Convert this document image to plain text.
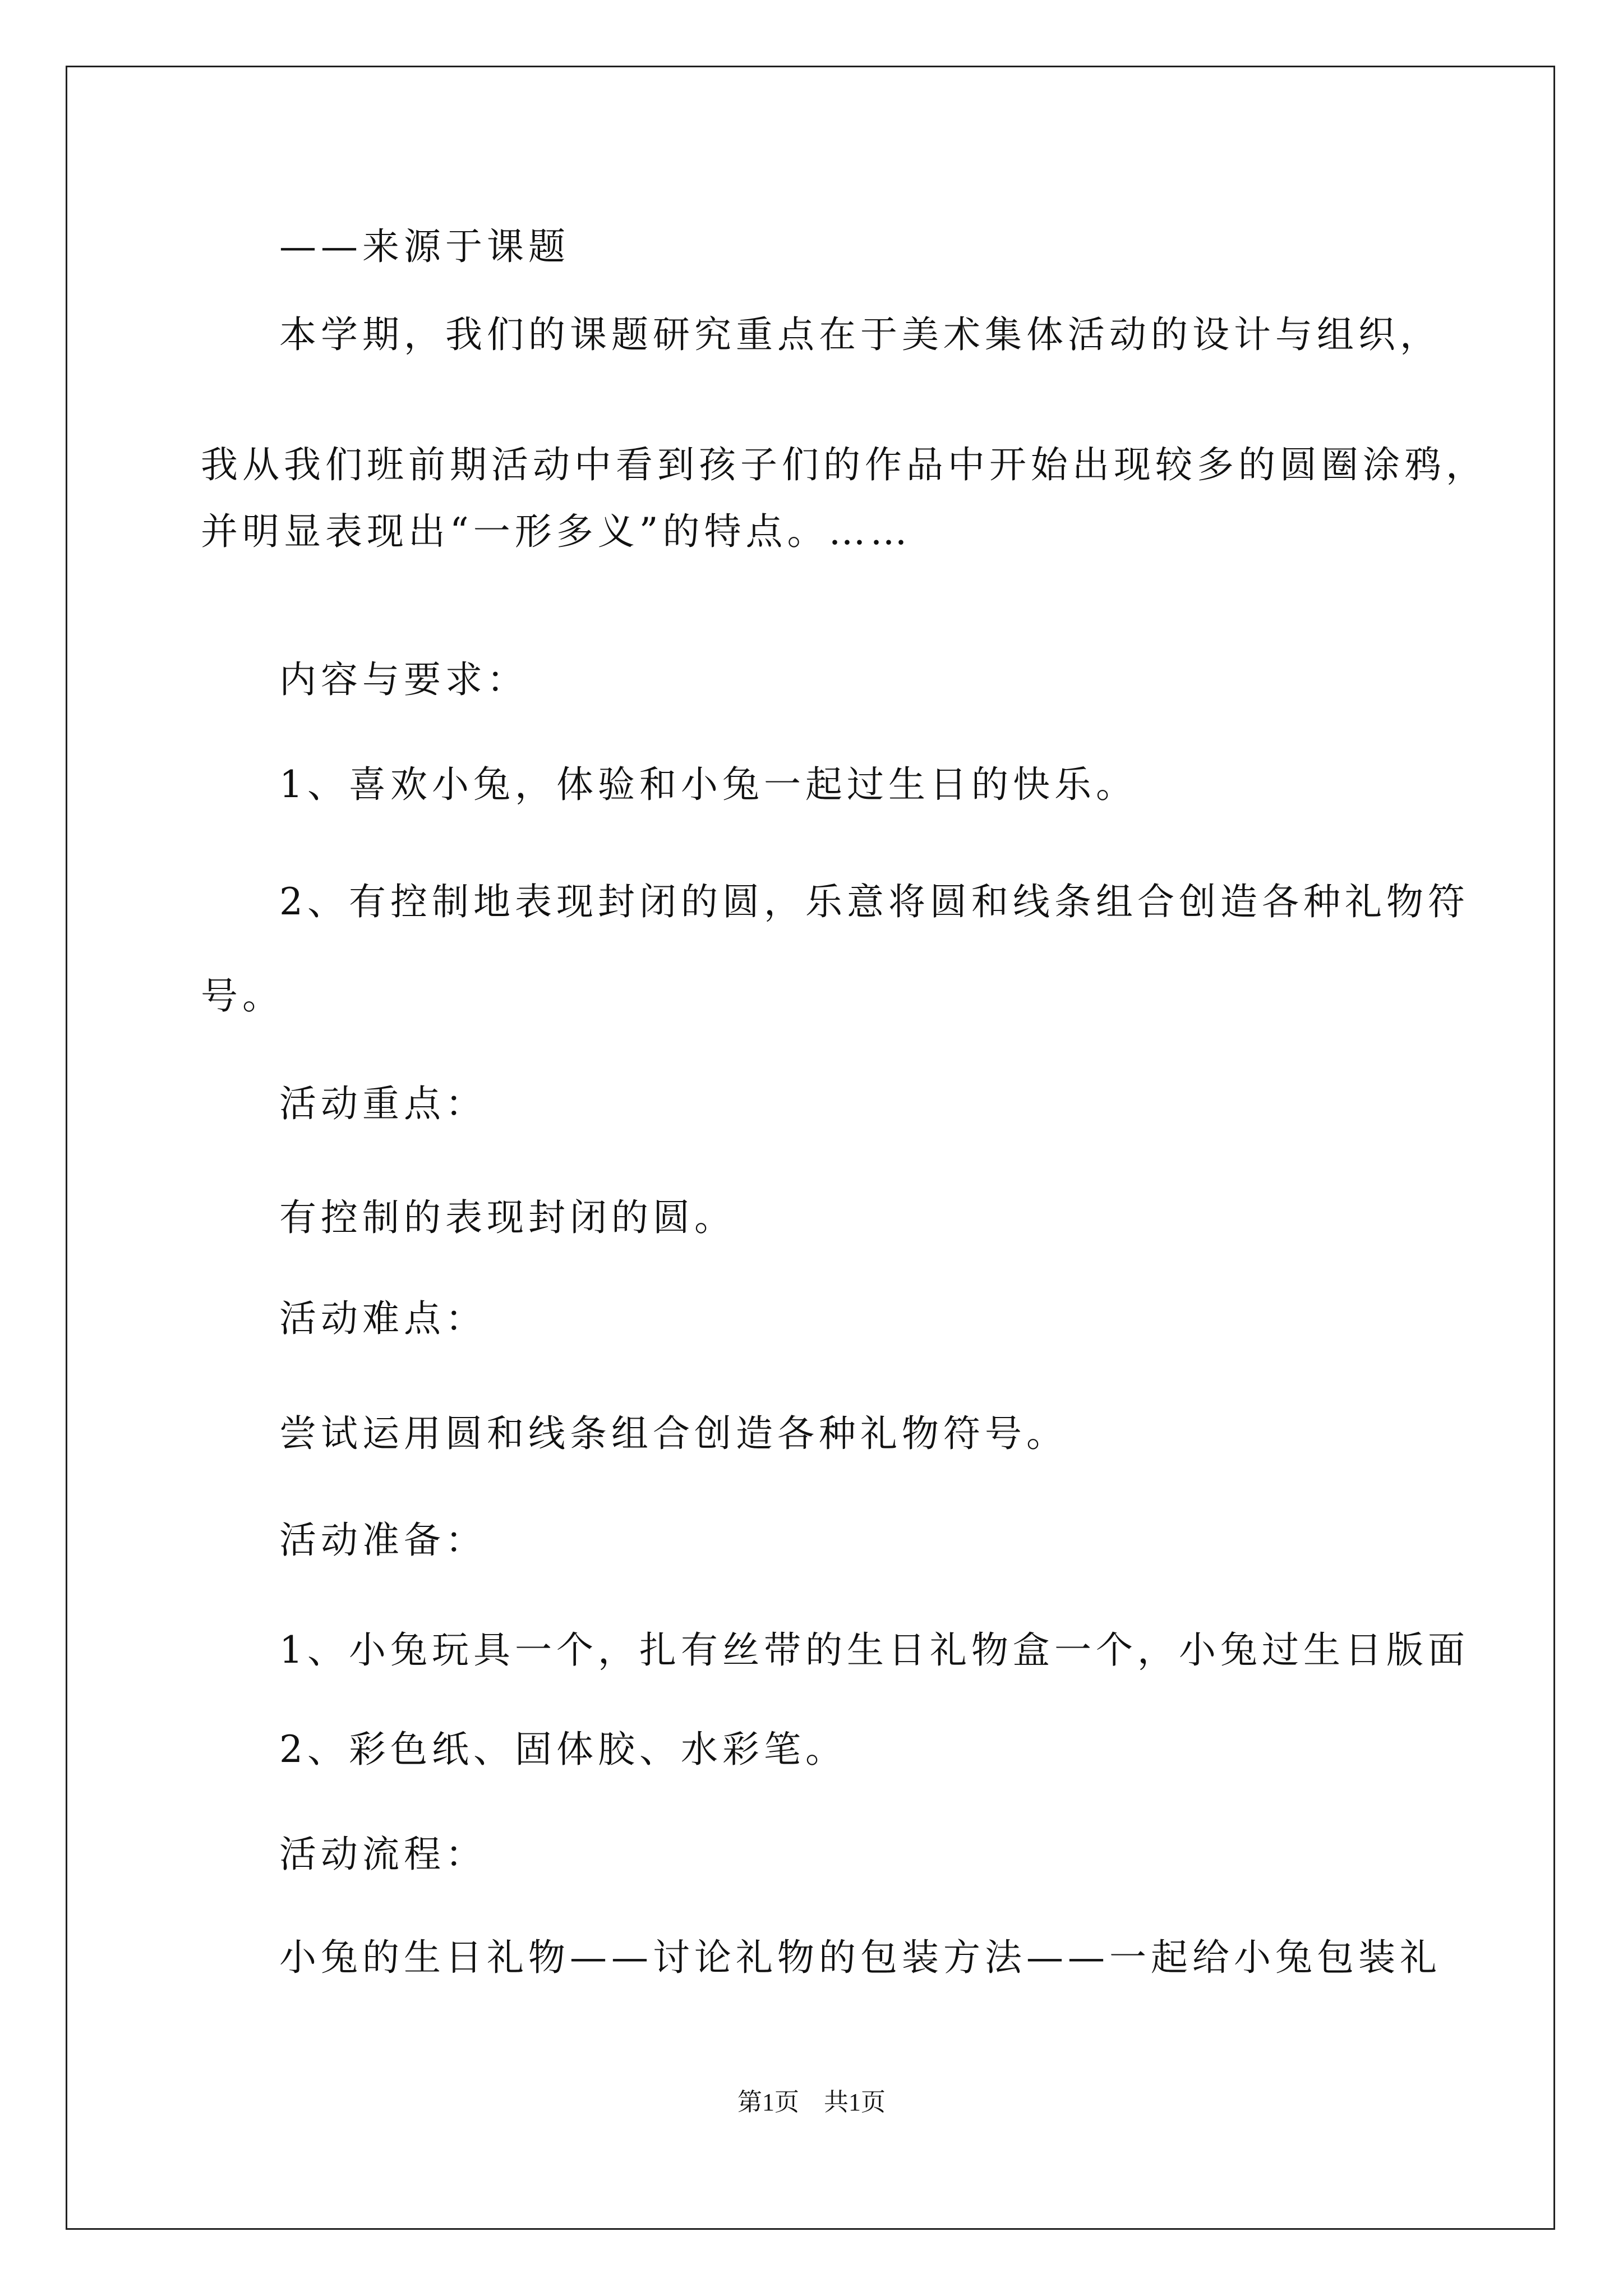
——来源于课题
本学期，我们的课题研究重点在于美术集体活动的设计与组织，
我从我们班前期活动中看到孩子们的作品中开始出现较多的圆圈涂鸦，
并明显表现出“一形多义”的特点。……
内容与要求：
1、喜欢小兔，体验和小兔一起过生日的快乐。
2、有控制地表现封闭的圆，乐意将圆和线条组合创造各种礼物符
号。
活动重点：
有控制的表现封闭的圆。
活动难点：
尝试运用圆和线条组合创造各种礼物符号。
活动准备：
1、小兔玩具一个，扎有丝带的生日礼物盒一个，小兔过生日版面
2、彩色纸、固体胶、水彩笔。
活动流程：
小兔的生日礼物——讨论礼物的包装方法——一起给小兔包装礼
第1页　共1页
